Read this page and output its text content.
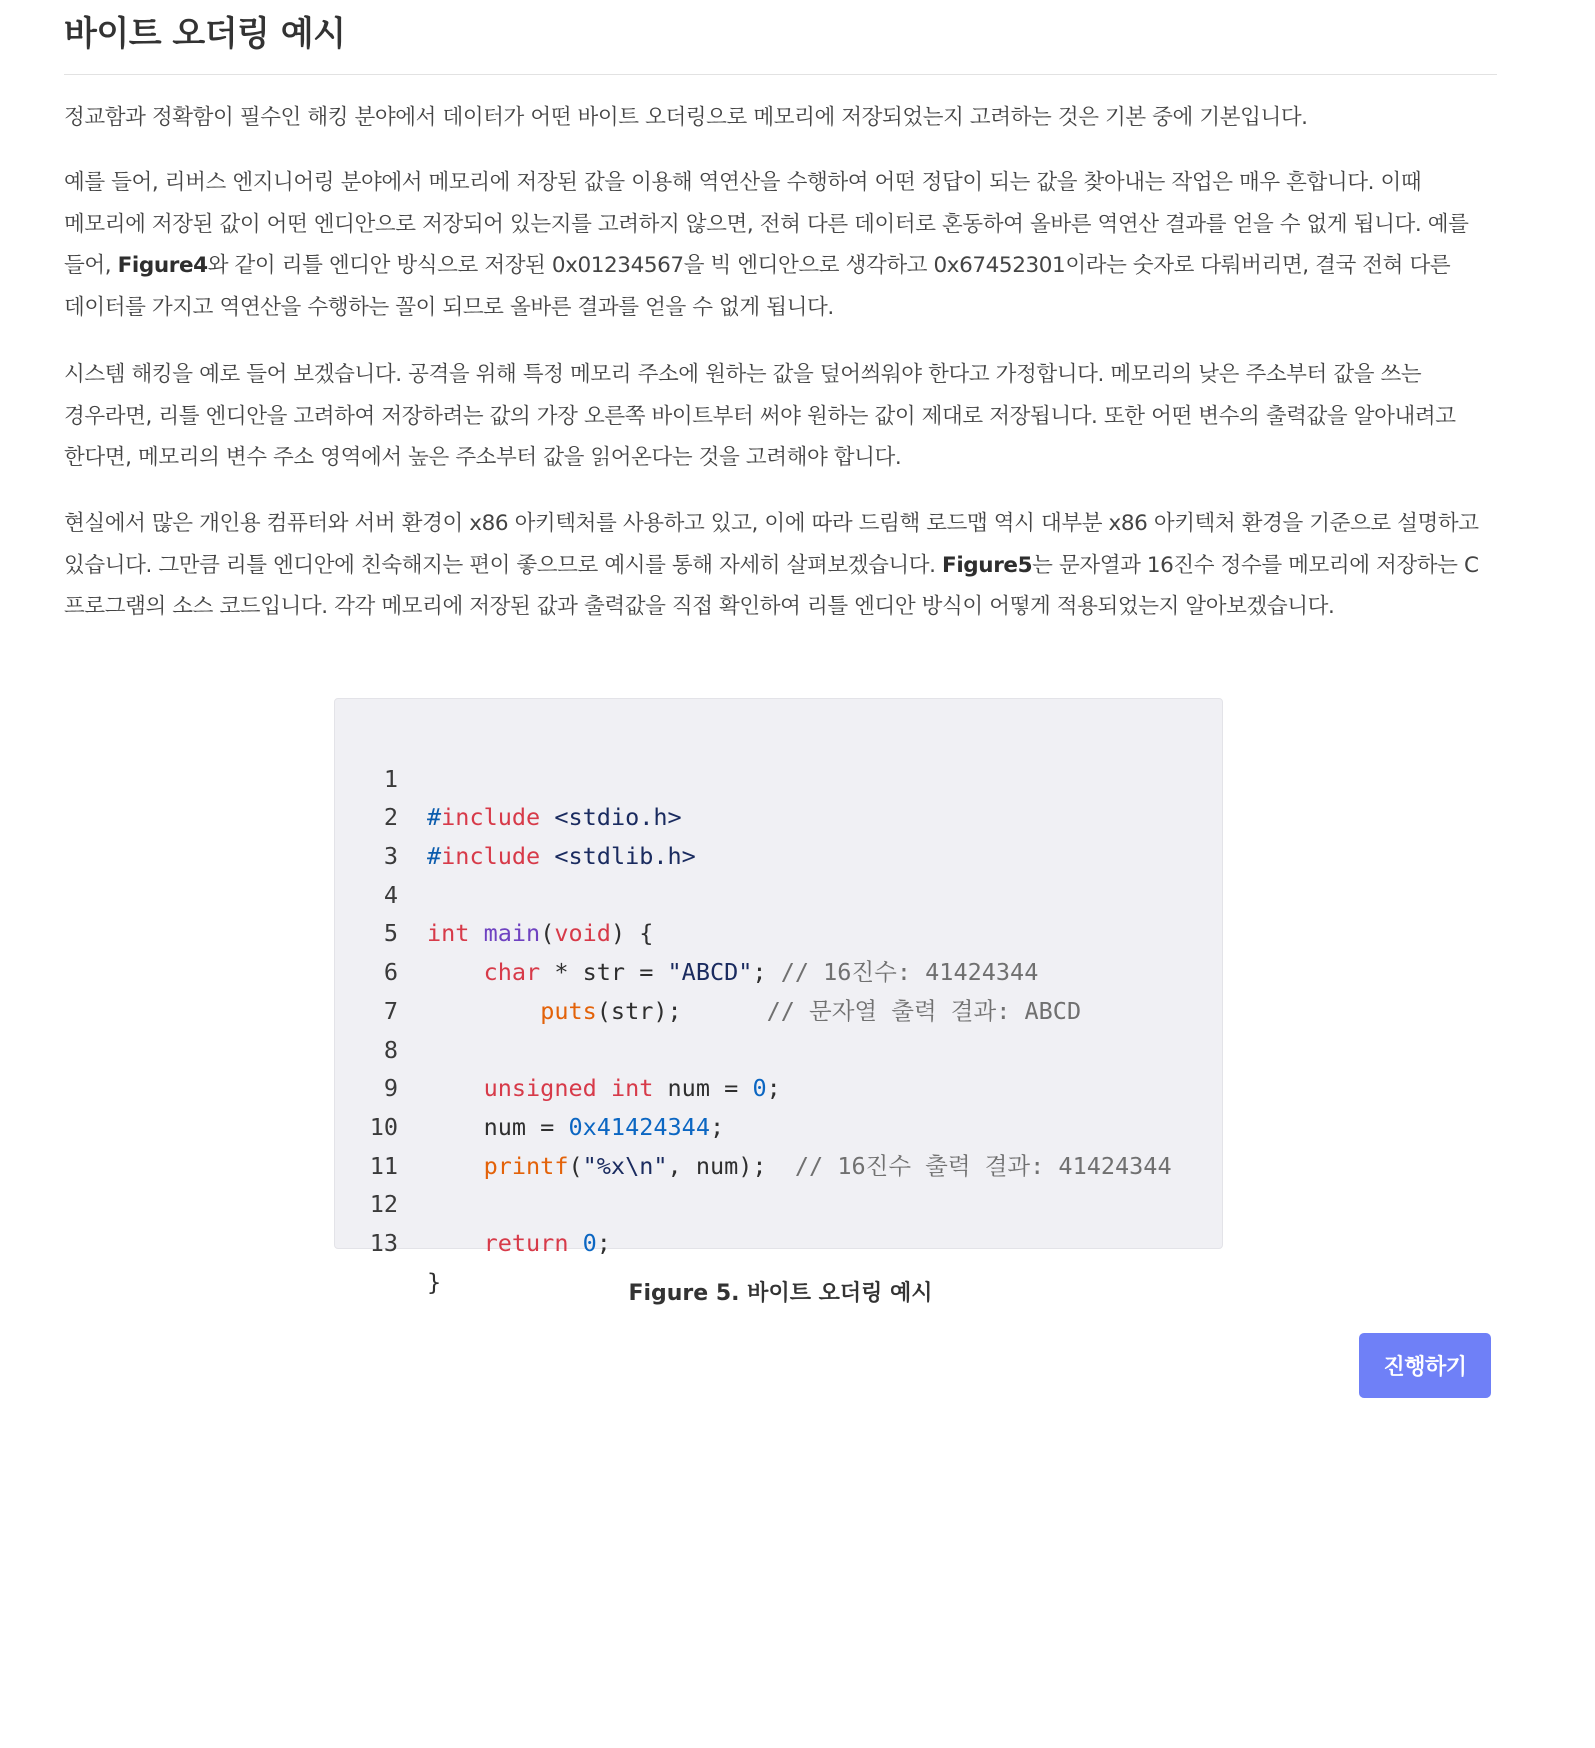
바이트 오더링 예시

정교함과 정확함이 필수인 해킹 분야에서 데이터가 어떤 바이트 오더링으로 메모리에 저장되었는지 고려하는 것은 기본 중에 기본입니다.

예를 들어, 리버스 엔지니어링 분야에서 메모리에 저장된 값을 이용해 역연산을 수행하여 어떤 정답이 되는 값을 찾아내는 작업은 매우 흔합니다. 이때 메모리에 저장된 값이 어떤 엔디안으로 저장되어 있는지를 고려하지 않으면, 전혀 다른 데이터로 혼동하여 올바른 역연산 결과를 얻을 수 없게 됩니다. 예를 들어, Figure4와 같이 리틀 엔디안 방식으로 저장된 0x01234567을 빅 엔디안으로 생각하고 0x67452301이라는 숫자로 다뤄버리면, 결국 전혀 다른 데이터를 가지고 역연산을 수행하는 꼴이 되므로 올바른 결과를 얻을 수 없게 됩니다.

시스템 해킹을 예로 들어 보겠습니다. 공격을 위해 특정 메모리 주소에 원하는 값을 덮어씌워야 한다고 가정합니다. 메모리의 낮은 주소부터 값을 쓰는 경우라면, 리틀 엔디안을 고려하여 저장하려는 값의 가장 오른쪽 바이트부터 써야 원하는 값이 제대로 저장됩니다. 또한 어떤 변수의 출력값을 알아내려고 한다면, 메모리의 변수 주소 영역에서 높은 주소부터 값을 읽어온다는 것을 고려해야 합니다.

현실에서 많은 개인용 컴퓨터와 서버 환경이 x86 아키텍처를 사용하고 있고, 이에 따라 드림핵 로드맵 역시 대부분 x86 아키텍처 환경을 기준으로 설명하고 있습니다. 그만큼 리틀 엔디안에 친숙해지는 편이 좋으므로 예시를 통해 자세히 살펴보겠습니다. Figure5는 문자열과 16진수 정수를 메모리에 저장하는 C 프로그램의 소스 코드입니다. 각각 메모리에 저장된 값과 출력값을 직접 확인하여 리틀 엔디안 방식이 어떻게 적용되었는지 알아보겠습니다.

1

#include <stdio.h>

2

#include <stdlib.h>

3

4

int main(void) {

5

char * str = "ABCD"; // 16진수: 41424344

6

puts(str);	// 문자열 출력 결과: ABCD

7

8

unsigned int num = 0;

9

num = 0x41424344;

10

printf("%x\n", num); // 16진수 출력 결과: 41424344

11

12

return 0;

13

}

	Figure 5. 바이트 오더링 예시
진행하기
